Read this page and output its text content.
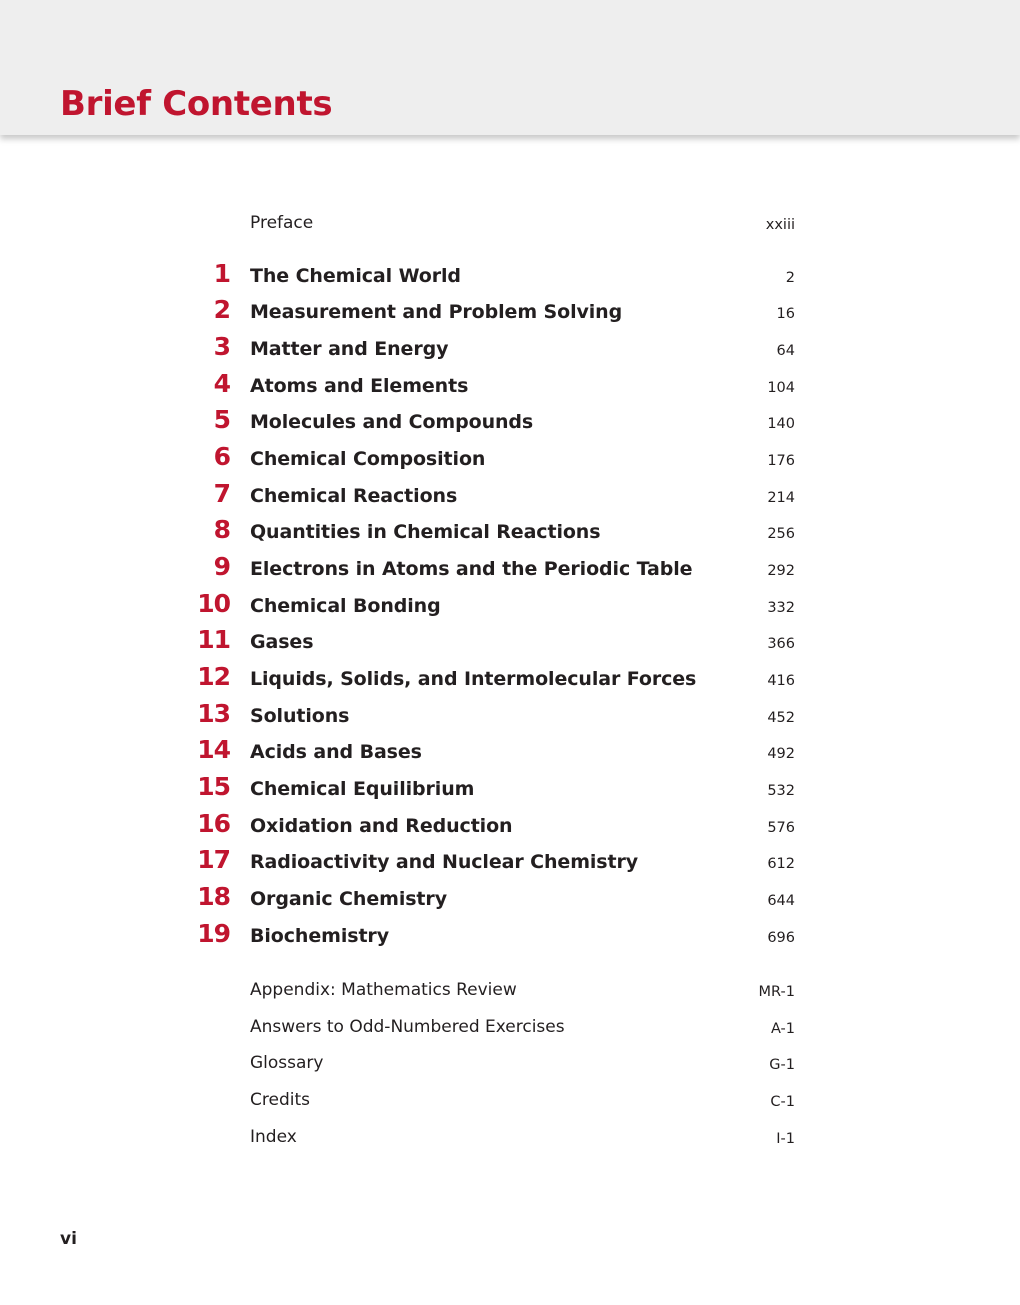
Brief Contents
Preface	xxiii
1 The Chemical World	2
2 Measurement and Problem Solving	16
3 Matter and Energy	64
4 Atoms and Elements	104
5 Molecules and Compounds	140
6 Chemical Composition	176
7 Chemical Reactions	214
8 Quantities in Chemical Reactions	256
9 Electrons in Atoms and the Periodic Table	292
10 Chemical Bonding	332
11 Gases	366
12 Liquids, Solids, and Intermolecular Forces	416
13 Solutions	452
14 Acids and Bases	492
15 Chemical Equilibrium	532
16 Oxidation and Reduction	576
17 Radioactivity and Nuclear Chemistry	612
18 Organic Chemistry	644
19 Biochemistry	696
Appendix: Mathematics Review	MR-1
Answers to Odd-Numbered Exercises	A-1
Glossary	G-1
Credits	C-1
Index	I-1
vi
